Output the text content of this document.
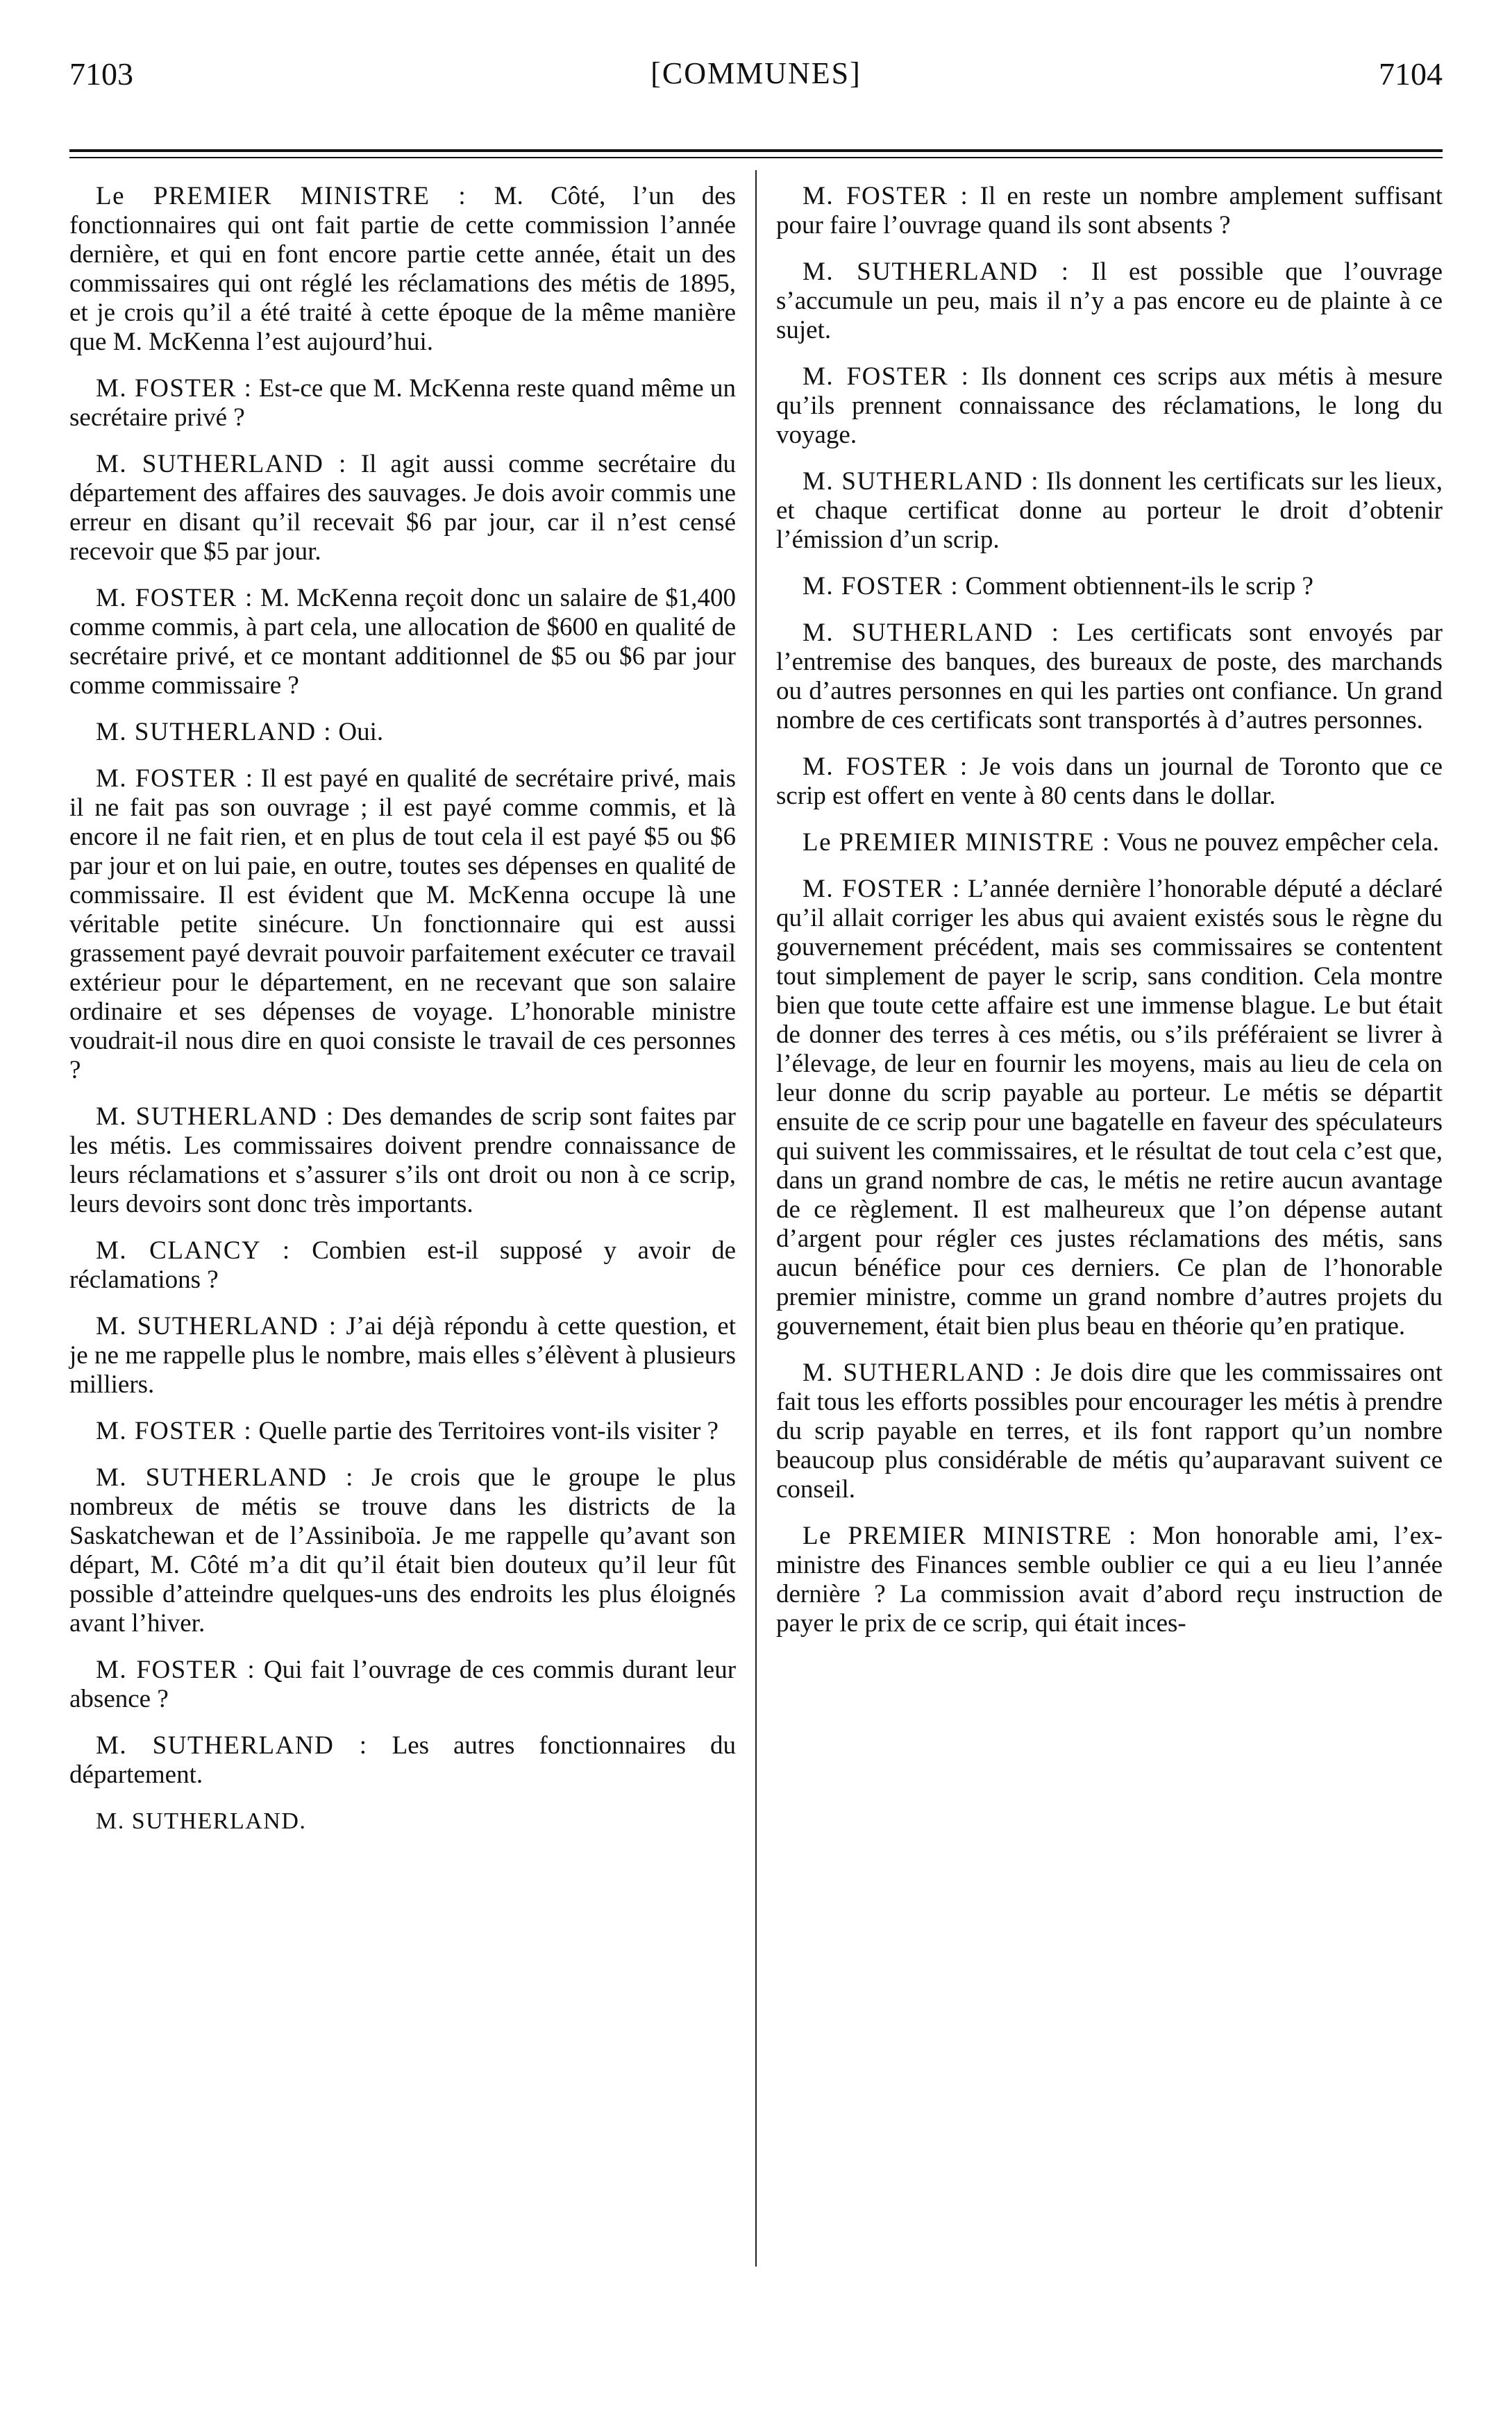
7103	[COMMUNES]	7104

Le PREMIER MINISTRE : M. Côté, l’un des fonctionnaires qui ont fait partie de cette commission l’année dernière, et qui en font encore partie cette année, était un des commissaires qui ont réglé les réclamations des métis de 1895, et je crois qu’il a été traité à cette époque de la même manière que M. McKenna l’est aujourd’hui.

M. FOSTER : Est-ce que M. McKenna reste quand même un secrétaire privé ?

M. SUTHERLAND : Il agit aussi comme secrétaire du département des affaires des sauvages. Je dois avoir commis une erreur en disant qu’il recevait $6 par jour, car il n’est censé recevoir que $5 par jour.

M. FOSTER : M. McKenna reçoit donc un salaire de $1,400 comme commis, à part cela, une allocation de $600 en qualité de secrétaire privé, et ce montant additionnel de $5 ou $6 par jour comme commissaire ?

M. SUTHERLAND : Oui.

M. FOSTER : Il est payé en qualité de secrétaire privé, mais il ne fait pas son ouvrage ; il est payé comme commis, et là encore il ne fait rien, et en plus de tout cela il est payé $5 ou $6 par jour et on lui paie, en outre, toutes ses dépenses en qualité de commissaire. Il est évident que M. McKenna occupe là une véritable petite sinécure. Un fonctionnaire qui est aussi grassement payé devrait pouvoir parfaitement exécuter ce travail extérieur pour le département, en ne recevant que son salaire ordinaire et ses dépenses de voyage. L’honorable ministre voudrait-il nous dire en quoi consiste le travail de ces personnes ?

M. SUTHERLAND : Des demandes de scrip sont faites par les métis. Les commissaires doivent prendre connaissance de leurs réclamations et s’assurer s’ils ont droit ou non à ce scrip, leurs devoirs sont donc très importants.

M. CLANCY : Combien est-il supposé y avoir de réclamations ?

M. SUTHERLAND : J’ai déjà répondu à cette question, et je ne me rappelle plus le nombre, mais elles s’élèvent à plusieurs milliers.

M. FOSTER : Quelle partie des Territoires vont-ils visiter ?

M. SUTHERLAND : Je crois que le groupe le plus nombreux de métis se trouve dans les districts de la Saskatchewan et de l’Assiniboïa. Je me rappelle qu’avant son départ, M. Côté m’a dit qu’il était bien douteux qu’il leur fût possible d’atteindre quelques-uns des endroits les plus éloignés avant l’hiver.

M. FOSTER : Qui fait l’ouvrage de ces commis durant leur absence ?

M. SUTHERLAND : Les autres fonctionnaires du département.

M. SUTHERLAND.

M. FOSTER : Il en reste un nombre amplement suffisant pour faire l’ouvrage quand ils sont absents ?

M. SUTHERLAND : Il est possible que l’ouvrage s’accumule un peu, mais il n’y a pas encore eu de plainte à ce sujet.

M. FOSTER : Ils donnent ces scrips aux métis à mesure qu’ils prennent connaissance des réclamations, le long du voyage.

M. SUTHERLAND : Ils donnent les certificats sur les lieux, et chaque certificat donne au porteur le droit d’obtenir l’émission d’un scrip.

M. FOSTER : Comment obtiennent-ils le scrip ?

M. SUTHERLAND : Les certificats sont envoyés par l’entremise des banques, des bureaux de poste, des marchands ou d’autres personnes en qui les parties ont confiance. Un grand nombre de ces certificats sont transportés à d’autres personnes.

M. FOSTER : Je vois dans un journal de Toronto que ce scrip est offert en vente à 80 cents dans le dollar.

Le PREMIER MINISTRE : Vous ne pouvez empêcher cela.

M. FOSTER : L’année dernière l’honorable député a déclaré qu’il allait corriger les abus qui avaient existés sous le règne du gouvernement précédent, mais ses commissaires se contentent tout simplement de payer le scrip, sans condition. Cela montre bien que toute cette affaire est une immense blague. Le but était de donner des terres à ces métis, ou s’ils préféraient se livrer à l’élevage, de leur en fournir les moyens, mais au lieu de cela on leur donne du scrip payable au porteur. Le métis se départit ensuite de ce scrip pour une bagatelle en faveur des spéculateurs qui suivent les commissaires, et le résultat de tout cela c’est que, dans un grand nombre de cas, le métis ne retire aucun avantage de ce règlement. Il est malheureux que l’on dépense autant d’argent pour régler ces justes réclamations des métis, sans aucun bénéfice pour ces derniers. Ce plan de l’honorable premier ministre, comme un grand nombre d’autres projets du gouvernement, était bien plus beau en théorie qu’en pratique.

M. SUTHERLAND : Je dois dire que les commissaires ont fait tous les efforts possibles pour encourager les métis à prendre du scrip payable en terres, et ils font rapport qu’un nombre beaucoup plus considérable de métis qu’auparavant suivent ce conseil.

Le PREMIER MINISTRE : Mon honorable ami, l’ex-ministre des Finances semble oublier ce qui a eu lieu l’année dernière ? La commission avait d’abord reçu instruction de payer le prix de ce scrip, qui était inces-
